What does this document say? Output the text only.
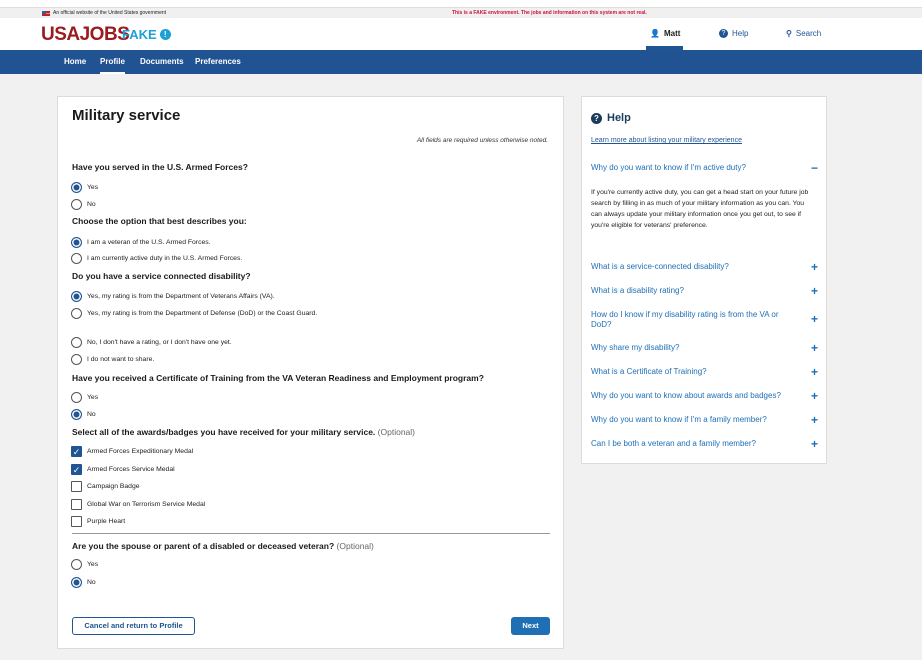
An official website of the United States government	This is a FAKE environment. The jobs and information on this system are not real.
USAJOBS
FAKE !	👤 Matt	? Help	⚲ Search
Home Profile Documents Preferences
Military service
All fields are required unless otherwise noted.
Have you served in the U.S. Armed Forces?
Yes
No
Choose the option that best describes you:
I am a veteran of the U.S. Armed Forces.
I am currently active duty in the U.S. Armed Forces.
Do you have a service connected disability?
Yes, my rating is from the Department of Veterans Affairs (VA).
Yes, my rating is from the Department of Defense (DoD) or the Coast Guard.
No, I don't have a rating, or I don't have one yet.
I do not want to share.
Have you received a Certificate of Training from the VA Veteran Readiness and Employment program?
Yes
No
Select all of the awards/badges you have received for your military service. (Optional)
✓ Armed Forces Expeditionary Medal
✓ Armed Forces Service Medal
Campaign Badge
Global War on Terrorism Service Medal
Purple Heart
Are you the spouse or parent of a disabled or deceased veteran? (Optional)
Yes
No
Cancel and return to Profile	Next
? Help
Learn more about listing your military experience
Why do you want to know if I'm active duty?	−
If you're currently active duty, you can get a head start on your future job search by filling in as much of your military information as you can. You can always update your military information once you get out, to see if you're eligible for veterans' preference.
What is a service-connected disability?	+
What is a disability rating?	+
How do I know if my disability rating is from the VA or DoD?	+
Why share my disability?	+
What is a Certificate of Training?	+
Why do you want to know about awards and badges?	+
Why do you want to know if I'm a family member?	+
Can I be both a veteran and a family member?	+
